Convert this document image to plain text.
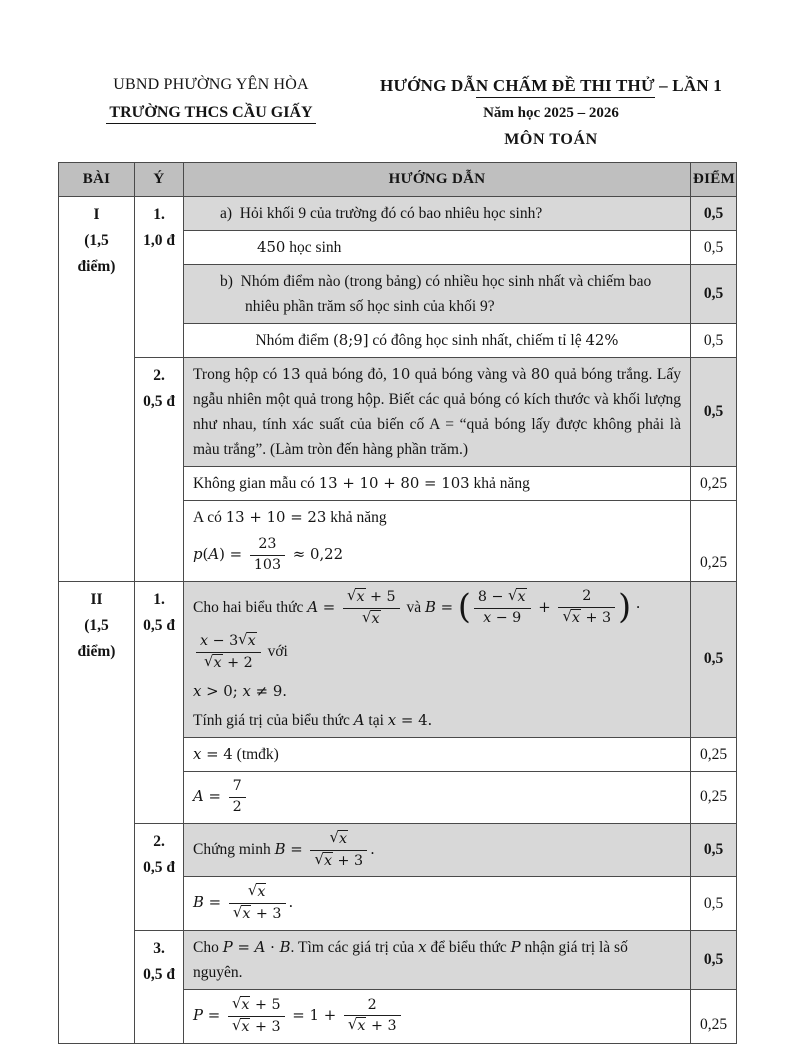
UBND PHƯỜNG YÊN HÒA
TRƯỜNG THCS CẦU GIẤY
HƯỚNG DẪN CHẤM ĐỀ THI THỬ – LẦN 1
Năm học 2025 – 2026
MÔN TOÁN
BÀI	Ý	HƯỚNG DẪN	ĐIỂM
I
(1,5
điểm)	1.
1,0 đ	a) Hỏi khối 9 của trường đó có bao nhiêu học sinh?	0,5

		450 học sinh	0,5

		b) Nhóm điểm nào (trong bảng) có nhiều học sinh nhất và chiếm bao nhiêu phần trăm số học sinh của khối 9?	0,5

		Nhóm điểm (8;9] có đông học sinh nhất, chiếm tỉ lệ 42%	0,5
	2.
0,5 đ	Trong hộp có 13 quả bóng đỏ, 10 quả bóng vàng và 80 quả bóng trắng. Lấy ngẫu nhiên một quả trong hộp. Biết các quả bóng có kích thước và khối lượng như nhau, tính xác suất của biến cố A = “quả bóng lấy được không phải là màu trắng”. (Làm tròn đến hàng phần trăm.)	0,5

		Không gian mẫu có 13 + 10 + 80 = 103 khả năng	0,25

		A có 13 + 10 = 23 khả năng
$p(A) = \frac{23}{103} \approx 0,22$	0,25
II
(1,5
điểm)	1.
0,5 đ	
Cho hai biểu thức $A = \frac{√x + 5}{√x}$ và B = ( $\frac{8 - √x}{x - 9} + \frac{2}{√x + 3}$ ) ·
$\frac{x - 3√x}{√x + 2}$ với
x > 0; x ≠ 9.
Tính giá trị của biểu thức A tại x = 4.
	0,5

		x = 4 (tmđk)	0,25

		$A = \frac{7}{2}$	0,25
	2.
0,5 đ	Chứng minh $B = \frac{√x}{√x + 3}$ .	0,5

		$B = \frac{√x}{√x + 3}$ .	0,5
	3.
0,5 đ	Cho P = A · B. Tìm các giá trị của x để biểu thức P nhận giá trị là số nguyên.	0,5

$P = \frac{√x + 5}{√x + 3} = 1 + \frac{2}{√x + 3}$	0,25
